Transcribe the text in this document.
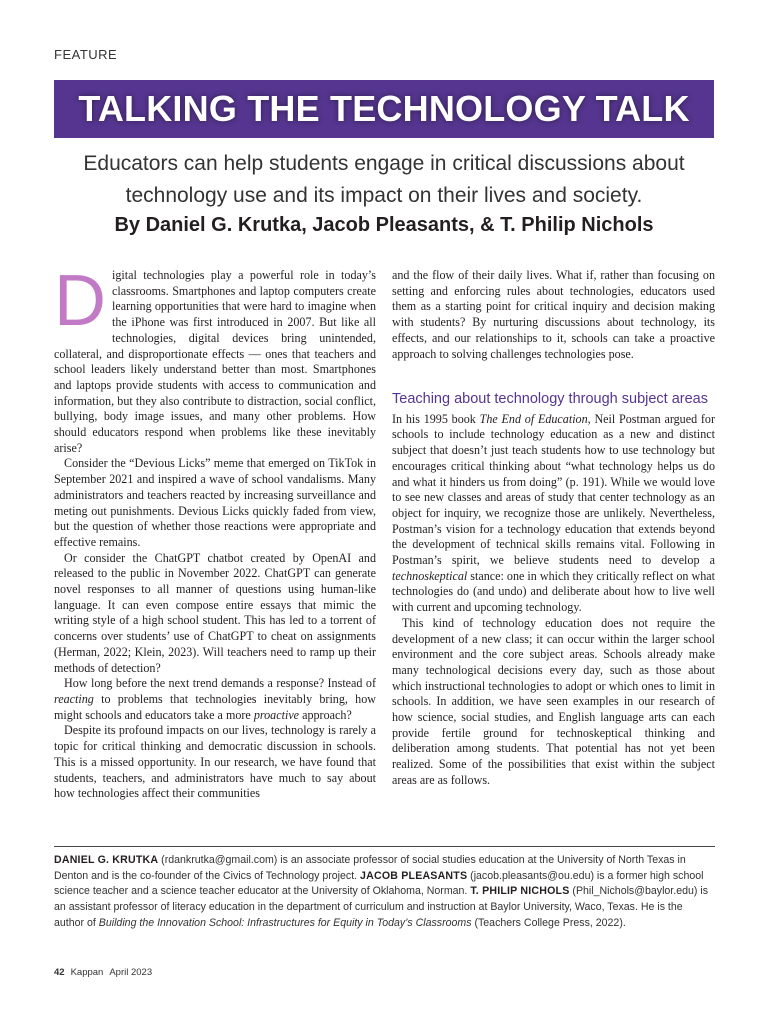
FEATURE
TALKING THE TECHNOLOGY TALK
Educators can help students engage in critical discussions about
technology use and its impact on their lives and society.
By Daniel G. Krutka, Jacob Pleasants, & T. Philip Nichols

Digital technologies play a powerful role in today’s classrooms. Smartphones and laptop computers create learning opportunities that were hard to imagine when the iPhone was first introduced in 2007. But like all technologies, digital devices bring unintended, collateral, and disproportionate effects — ones that teachers and school leaders likely understand better than most. Smartphones and laptops provide students with access to communication and information, but they also contribute to distraction, social conflict, bullying, body image issues, and many other problems. How should educators respond when problems like these inevitably arise?

Consider the “Devious Licks” meme that emerged on TikTok in September 2021 and inspired a wave of school vandalisms. Many administrators and teachers reacted by increasing surveillance and meting out punishments. Devious Licks quickly faded from view, but the question of whether those reactions were appropriate and effective remains.

Or consider the ChatGPT chatbot created by OpenAI and released to the public in November 2022. ChatGPT can generate novel responses to all manner of questions using human-like language. It can even compose entire essays that mimic the writing style of a high school student. This has led to a torrent of concerns over students’ use of ChatGPT to cheat on assignments (Herman, 2022; Klein, 2023). Will teachers need to ramp up their methods of detection?

How long before the next trend demands a response? Instead of reacting to problems that technologies inevitably bring, how might schools and educators take a more proactive approach?

Despite its profound impacts on our lives, technology is rarely a topic for critical thinking and democratic discussion in schools. This is a missed opportunity. In our research, we have found that students, teachers, and administrators have much to say about how technologies affect their communities

and the flow of their daily lives. What if, rather than focusing on setting and enforcing rules about technologies, educators used them as a starting point for critical inquiry and decision making with students? By nurturing discussions about technology, its effects, and our relationships to it, schools can take a proactive approach to solving challenges technologies pose.

Teaching about technology through subject areas

In his 1995 book The End of Education, Neil Postman argued for schools to include technology education as a new and distinct subject that doesn’t just teach students how to use technology but encourages critical thinking about “what technology helps us do and what it hinders us from doing” (p. 191). While we would love to see new classes and areas of study that center technology as an object for inquiry, we recognize those are unlikely. Nevertheless, Postman’s vision for a technology education that extends beyond the development of technical skills remains vital. Following in Postman’s spirit, we believe students need to develop a technoskeptical stance: one in which they critically reflect on what technologies do (and undo) and deliberate about how to live well with current and upcoming technology.

This kind of technology education does not require the development of a new class; it can occur within the larger school environment and the core subject areas. Schools already make many technological decisions every day, such as those about which instructional technologies to adopt or which ones to limit in schools. In addition, we have seen examples in our research of how science, social studies, and English language arts can each provide fertile ground for technoskeptical thinking and deliberation among students. That potential has not yet been realized. Some of the possibilities that exist within the subject areas are as follows.

DANIEL G. KRUTKA (rdankrutka@gmail.com) is an associate professor of social studies education at the University of North Texas in Denton and is the co-founder of the Civics of Technology project. JACOB PLEASANTS (jacob.pleasants@ou.edu) is a former high school science teacher and a science teacher educator at the University of Oklahoma, Norman. T. PHILIP NICHOLS (Phil_Nichols@baylor.edu) is an assistant professor of literacy education in the department of curriculum and instruction at Baylor University, Waco, Texas. He is the author of Building the Innovation School: Infrastructures for Equity in Today’s Classrooms (Teachers College Press, 2022).
42 Kappan April 2023
